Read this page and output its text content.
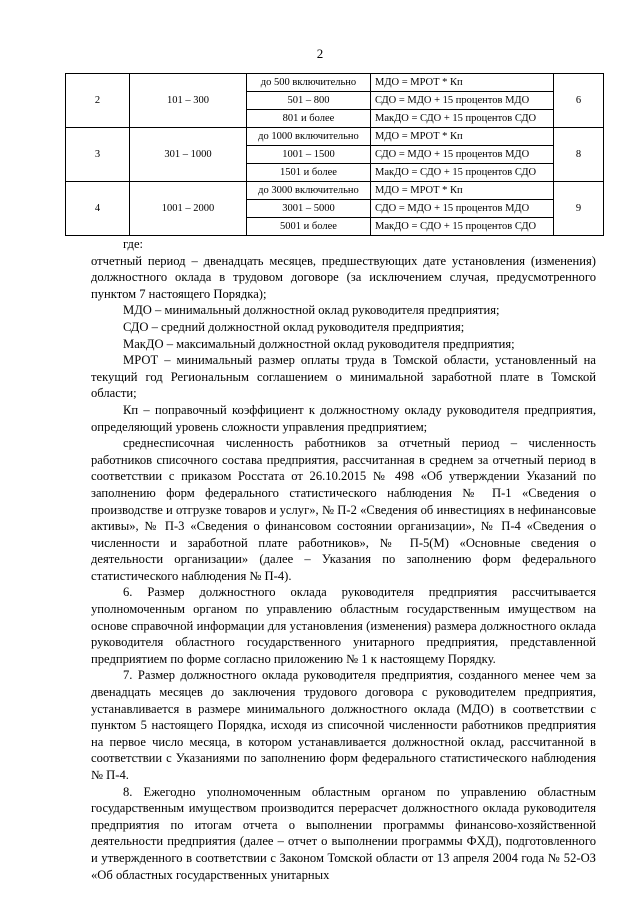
2
2	101 – 300	до 500 включительно	МДО = МРОТ * Кп	6
		501 – 800	СДО = МДО + 15 процентов МДО	
		801 и более	МакДО = СДО + 15 процентов СДО	
3	301 – 1000	до 1000 включительно	МДО = МРОТ * Кп	8
		1001 – 1500	СДО = МДО + 15 процентов МДО	
		1501 и более	МакДО = СДО + 15 процентов СДО	
4	1001 – 2000	до 3000 включительно	МДО = МРОТ * Кп	9
		3001 – 5000	СДО = МДО + 15 процентов МДО	
		5001 и более	МакДО = СДО + 15 процентов СДО	

где:

отчетный период – двенадцать месяцев, предшествующих дате установления (изменения) должностного оклада в трудовом договоре (за исключением случая, предусмотренного пунктом 7 настоящего Порядка);

МДО – минимальный должностной оклад руководителя предприятия;

СДО – средний должностной оклад руководителя предприятия;

МакДО – максимальный должностной оклад руководителя предприятия;

МРОТ – минимальный размер оплаты труда в Томской области, установленный на текущий год Региональным соглашением о минимальной заработной плате в Томской области;

Кп – поправочный коэффициент к должностному окладу руководителя предприятия, определяющий уровень сложности управления предприятием;

среднесписочная численность работников за отчетный период – численность работников списочного состава предприятия, рассчитанная в среднем за отчетный период в соответствии с приказом Росстата от 26.10.2015 № 498 «Об утверждении Указаний по заполнению форм федерального статистического наблюдения № П-1 «Сведения о производстве и отгрузке товаров и услуг», № П-2 «Сведения об инвестициях в нефинансовые активы», № П-3 «Сведения о финансовом состоянии организации», № П-4 «Сведения о численности и заработной плате работников», № П-5(М) «Основные сведения о деятельности организации» (далее – Указания по заполнению форм федерального статистического наблюдения № П-4).

6. Размер должностного оклада руководителя предприятия рассчитывается уполномоченным органом по управлению областным государственным имуществом на основе справочной информации для установления (изменения) размера должностного оклада руководителя областного государственного унитарного предприятия, представленной предприятием по форме согласно приложению № 1 к настоящему Порядку.

7. Размер должностного оклада руководителя предприятия, созданного менее чем за двенадцать месяцев до заключения трудового договора с руководителем предприятия, устанавливается в размере минимального должностного оклада (МДО) в соответствии с пунктом 5 настоящего Порядка, исходя из списочной численности работников предприятия на первое число месяца, в котором устанавливается должностной оклад, рассчитанной в соответствии с Указаниями по заполнению форм федерального статистического наблюдения № П-4.

8. Ежегодно уполномоченным областным органом по управлению областным государственным имуществом производится перерасчет должностного оклада руководителя предприятия по итогам отчета о выполнении программы финансово-хозяйственной деятельности предприятия (далее – отчет о выполнении программы ФХД), подготовленного и утвержденного в соответствии с Законом Томской области от 13 апреля 2004 года № 52-ОЗ «Об областных государственных унитарных
